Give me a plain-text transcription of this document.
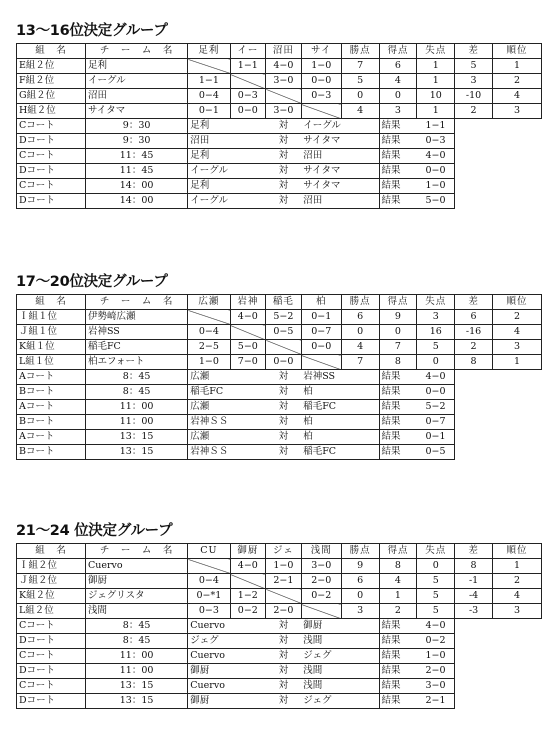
13〜16位決定グループ
組　名	チ　ー　ム　名	足利	イー	沼田	サイ	勝点	得点	失点	差	順位
E組２位	足利		1−1	4−0	1−0	7	6	1	5	1
F組２位	イーグル	1−1		3−0	0−0	5	4	1	3	2
G組２位	沼田	0−4	0−3		0−3	0	0	10	-10	4
H組２位	サイタマ	0−1	0−0	3−0		4	3	1	2	3
Cコート	9：30	足利		対	イーグル		結果	1−1		
Dコート	9：30	沼田		対	サイタマ		結果	0−3		
Cコート	11：45	足利		対	沼田		結果	4−0		
Dコート	11：45	イーグル		対	サイタマ		結果	0−0		
Cコート	14：00	足利		対	サイタマ		結果	1−0		
Dコート	14：00	イーグル		対	沼田		結果	5−0		
17〜20位決定グループ
組　名	チ　ー　ム　名	広瀬	岩神	稲毛	柏	勝点	得点	失点	差	順位
Ｉ組１位	伊勢崎広瀬		4−0	5−2	0−1	6	9	3	6	2
Ｊ組１位	岩神SS	0−4		0−5	0−7	0	0	16	-16	4
K組１位	稲毛FC	2−5	5−0		0−0	4	7	5	2	3
L組１位	柏エフォート	1−0	7−0	0−0		7	8	0	8	1
Aコート	8：45	広瀬		対	岩神SS		結果	4−0		
Bコート	8：45	稲毛FC		対	柏		結果	0−0		
Aコート	11：00	広瀬		対	稲毛FC		結果	5−2		
Bコート	11：00	岩神ＳＳ		対	柏		結果	0−7		
Aコート	13：15	広瀬		対	柏		結果	0−1		
Bコート	13：15	岩神ＳＳ		対	稲毛FC		結果	0−5		
21〜24 位決定グループ
組　名	チ　ー　ム　名	CU	御厨	ジェ	浅間	勝点	得点	失点	差	順位
Ｉ組２位	Cuervo		4−0	1−0	3−0	9	8	0	8	1
Ｊ組２位	御厨	0−4		2−1	2−0	6	4	5	-1	2
K組２位	ジェグリスタ	0−*1	1−2		0−2	0	1	5	-4	4
L組２位	浅間	0−3	0−2	2−0		3	2	5	-3	3
Cコート	8：45	Cuervo		対	御厨		結果	4−0		
Dコート	8：45	ジェグ		対	浅間		結果	0−2		
Cコート	11：00	Cuervo		対	ジェグ		結果	1−0		
Dコート	11：00	御厨		対	浅間		結果	2−0		
Cコート	13：15	Cuervo		対	浅間		結果	3−0		
Dコート	13：15	御厨		対	ジェグ		結果	2−1		
